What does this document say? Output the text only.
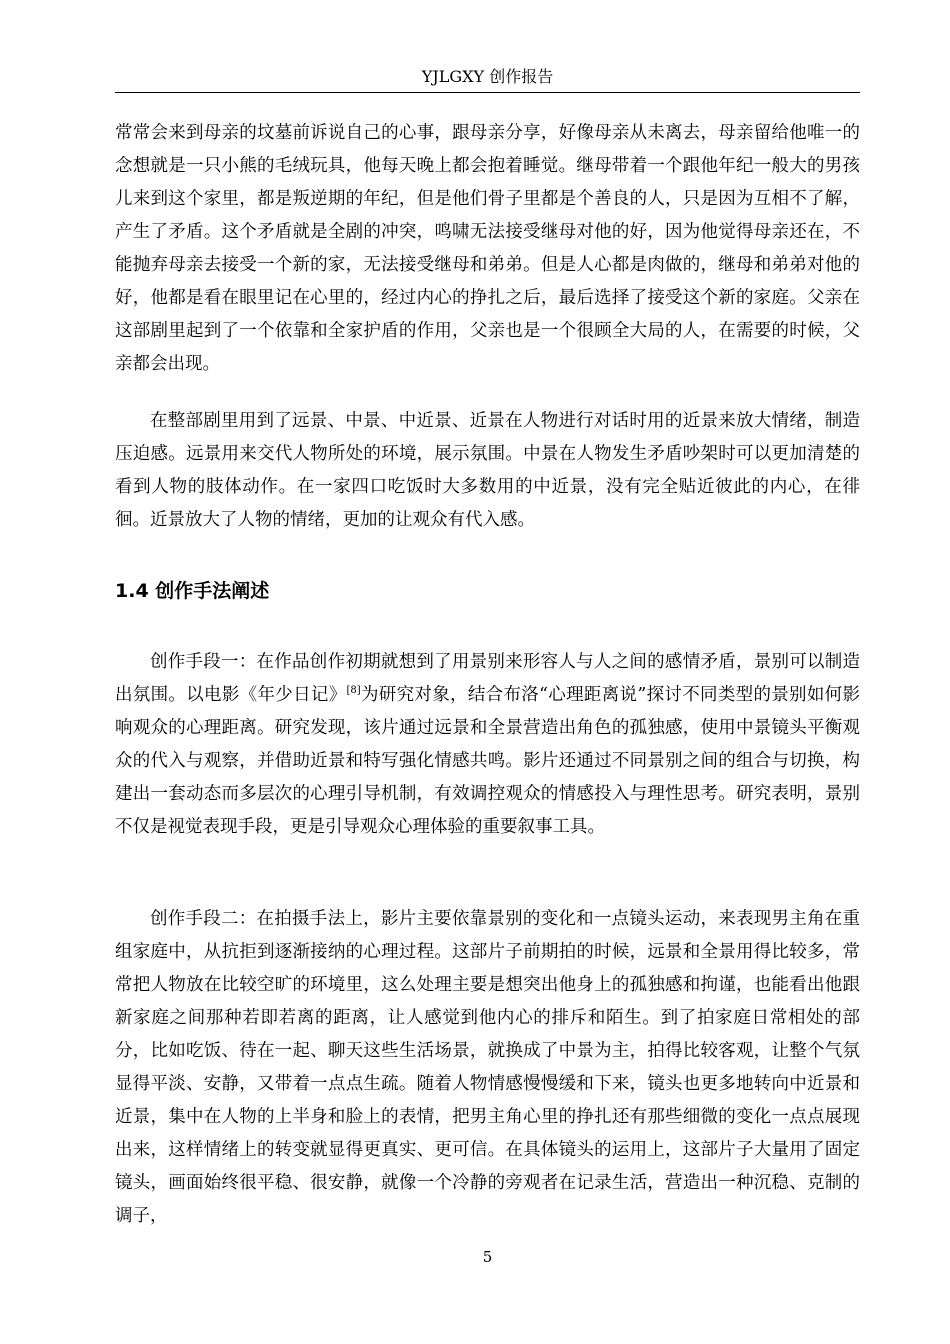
YJLGXY 创作报告

常常会来到母亲的坟墓前诉说自己的心事，跟母亲分享，好像母亲从未离去，母亲留给他唯一的念想就是一只小熊的毛绒玩具，他每天晚上都会抱着睡觉。继母带着一个跟他年纪一般大的男孩儿来到这个家里，都是叛逆期的年纪，但是他们骨子里都是个善良的人，只是因为互相不了解，产生了矛盾。这个矛盾就是全剧的冲突，鸣啸无法接受继母对他的好，因为他觉得母亲还在，不能抛弃母亲去接受一个新的家，无法接受继母和弟弟。但是人心都是肉做的，继母和弟弟对他的好，他都是看在眼里记在心里的，经过内心的挣扎之后，最后选择了接受这个新的家庭。父亲在这部剧里起到了一个依靠和全家护盾的作用，父亲也是一个很顾全大局的人，在需要的时候，父亲都会出现。

在整部剧里用到了远景、中景、中近景、近景在人物进行对话时用的近景来放大情绪，制造压迫感。远景用来交代人物所处的环境，展示氛围。中景在人物发生矛盾吵架时可以更加清楚的看到人物的肢体动作。在一家四口吃饭时大多数用的中近景，没有完全贴近彼此的内心，在徘徊。近景放大了人物的情绪，更加的让观众有代入感。

1.4 创作手法阐述

创作手段一：在作品创作初期就想到了用景别来形容人与人之间的感情矛盾，景别可以制造出氛围。以电影《年少日记》[8]为研究对象，结合布洛“心理距离说”探讨不同类型的景别如何影响观众的心理距离。研究发现，该片通过远景和全景营造出角色的孤独感，使用中景镜头平衡观众的代入与观察，并借助近景和特写强化情感共鸣。影片还通过不同景别之间的组合与切换，构建出一套动态而多层次的心理引导机制，有效调控观众的情感投入与理性思考。研究表明，景别不仅是视觉表现手段，更是引导观众心理体验的重要叙事工具。

创作手段二：在拍摄手法上，影片主要依靠景别的变化和一点镜头运动，来表现男主角在重组家庭中，从抗拒到逐渐接纳的心理过程。这部片子前期拍的时候，远景和全景用得比较多，常常把人物放在比较空旷的环境里，这么处理主要是想突出他身上的孤独感和拘谨，也能看出他跟新家庭之间那种若即若离的距离，让人感觉到他内心的排斥和陌生。到了拍家庭日常相处的部分，比如吃饭、待在一起、聊天这些生活场景，就换成了中景为主，拍得比较客观，让整个气氛显得平淡、安静，又带着一点点生疏。随着人物情感慢慢缓和下来，镜头也更多地转向中近景和近景，集中在人物的上半身和脸上的表情，把男主角心里的挣扎还有那些细微的变化一点点展现出来，这样情绪上的转变就显得更真实、更可信。在具体镜头的运用上，这部片子大量用了固定镜头，画面始终很平稳、很安静，就像一个冷静的旁观者在记录生活，营造出一种沉稳、克制的调子，

5
